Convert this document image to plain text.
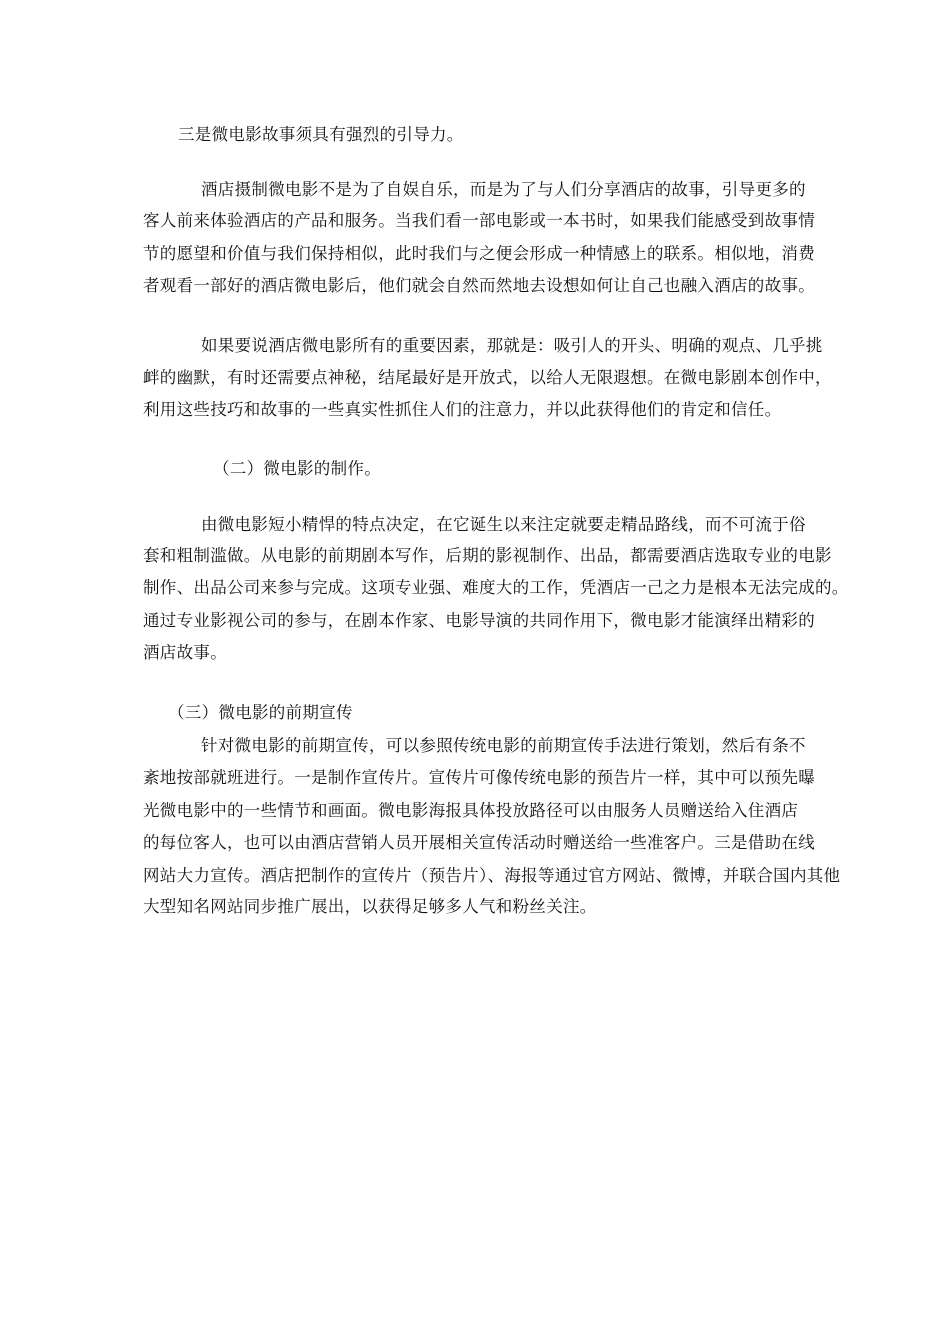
三是微电影故事须具有强烈的引导力。

酒店摄制微电影不是为了自娱自乐，而是为了与人们分享酒店的故事，引导更多的

客人前来体验酒店的产品和服务。当我们看一部电影或一本书时，如果我们能感受到故事情

节的愿望和价值与我们保持相似，此时我们与之便会形成一种情感上的联系。相似地，消费

者观看一部好的酒店微电影后，他们就会自然而然地去设想如何让自己也融入酒店的故事。

如果要说酒店微电影所有的重要因素，那就是：吸引人的开头、明确的观点、几乎挑

衅的幽默，有时还需要点神秘，结尾最好是开放式，以给人无限遐想。在微电影剧本创作中，

利用这些技巧和故事的一些真实性抓住人们的注意力，并以此获得他们的肯定和信任。

（二）微电影的制作。

由微电影短小精悍的特点决定，在它诞生以来注定就要走精品路线，而不可流于俗

套和粗制滥做。从电影的前期剧本写作，后期的影视制作、出品，都需要酒店选取专业的电影

制作、出品公司来参与完成。这项专业强、难度大的工作，凭酒店一己之力是根本无法完成的。

通过专业影视公司的参与，在剧本作家、电影导演的共同作用下，微电影才能演绎出精彩的

酒店故事。

（三）微电影的前期宣传

针对微电影的前期宣传，可以参照传统电影的前期宣传手法进行策划，然后有条不

紊地按部就班进行。一是制作宣传片。宣传片可像传统电影的预告片一样，其中可以预先曝

光微电影中的一些情节和画面。微电影海报具体投放路径可以由服务人员赠送给入住酒店

的每位客人，也可以由酒店营销人员开展相关宣传活动时赠送给一些准客户。三是借助在线

网站大力宣传。酒店把制作的宣传片（预告片）、海报等通过官方网站、微博，并联合国内其他

大型知名网站同步推广展出，以获得足够多人气和粉丝关注。
